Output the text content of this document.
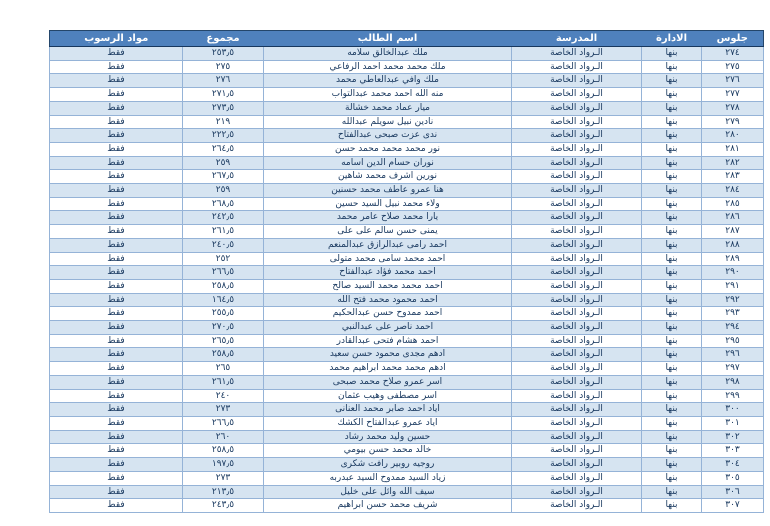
جلوس	الادارة	المدرسة	اسم الطالب	مجموع	مواد الرسوب
٢٧٤	بنها	الـرواد الخاصة	ملك عبدالخالق سلامه	٢٥٣٫٥	فقط
٢٧٥	بنها	الـرواد الخاصة	ملك محمد محمد احمد الرفاعي	٢٧٥	فقط
٢٧٦	بنها	الـرواد الخاصة	ملك وافي عبدالعاطي محمد	٢٧٦	فقط
٢٧٧	بنها	الـرواد الخاصة	منه الله احمد محمد عبدالتواب	٢٧١٫٥	فقط
٢٧٨	بنها	الـرواد الخاصة	ميار عماد محمد خشالة	٢٧٣٫٥	فقط
٢٧٩	بنها	الـرواد الخاصة	نادين نبيل سويلم عبدالله	٢١٩	فقط
٢٨٠	بنها	الـرواد الخاصة	ندى عزت صبحى عبدالفتاح	٢٢٢٫٥	فقط
٢٨١	بنها	الـرواد الخاصة	نور محمد محمد محمد حسن	٢٦٤٫٥	فقط
٢٨٢	بنها	الـرواد الخاصة	نوران حسام الدين اسامه	٢٥٩	فقط
٢٨٣	بنها	الـرواد الخاصة	نورين اشرف محمد شاهين	٢٦٧٫٥	فقط
٢٨٤	بنها	الـرواد الخاصة	هنا عمرو عاطف محمد حسنين	٢٥٩	فقط
٢٨٥	بنها	الـرواد الخاصة	ولاء محمد نبيل السيد حسين	٢٦٨٫٥	فقط
٢٨٦	بنها	الـرواد الخاصة	يارا محمد صلاح عامر محمد	٢٤٢٫٥	فقط
٢٨٧	بنها	الـرواد الخاصة	يمنى حسن سالم على على	٢٦١٫٥	فقط
٢٨٨	بنها	الـرواد الخاصة	احمد رامى عبدالرازق عبدالمنعم	٢٤٠٫٥	فقط
٢٨٩	بنها	الـرواد الخاصة	احمد محمد سامى محمد متولى	٢٥٢	فقط
٢٩٠	بنها	الـرواد الخاصة	احمد محمد فؤاد عبدالفتاح	٢٦٦٫٥	فقط
٢٩١	بنها	الـرواد الخاصة	احمد محمد محمد السيد صالح	٢٥٨٫٥	فقط
٢٩٢	بنها	الـرواد الخاصة	احمد محمود محمد فتح الله	١٦٤٫٥	فقط
٢٩٣	بنها	الـرواد الخاصة	احمد ممدوح حسن عبدالحكيم	٢٥٥٫٥	فقط
٢٩٤	بنها	الـرواد الخاصة	احمد ناصر على عبدالنبي	٢٧٠٫٥	فقط
٢٩٥	بنها	الـرواد الخاصة	احمد هشام فتحى عبدالقادر	٢٦٥٫٥	فقط
٢٩٦	بنها	الـرواد الخاصة	ادهم مجدى محمود حسن سعيد	٢٥٨٫٥	فقط
٢٩٧	بنها	الـرواد الخاصة	ادهم محمد محمد ابراهيم محمد	٢٦٥	فقط
٢٩٨	بنها	الـرواد الخاصة	اسر عمرو صلاح محمد صبحى	٢٦١٫٥	فقط
٢٩٩	بنها	الـرواد الخاصة	اسر مصطفى وهيب عثمان	٢٤٠	فقط
٣٠٠	بنها	الـرواد الخاصة	اياد احمد صابر محمد العنانى	٢٧٣	فقط
٣٠١	بنها	الـرواد الخاصة	اياد عمرو عبدالفتاح الكشك	٢٦٦٫٥	فقط
٣٠٢	بنها	الـرواد الخاصة	حسين وليد محمد رشاد	٢٦٠	فقط
٣٠٣	بنها	الـرواد الخاصة	خالد محمد حسن بيومي	٢٥٨٫٥	فقط
٣٠٤	بنها	الـرواد الخاصة	روجيه روبير رافت شكرى	١٩٧٫٥	فقط
٣٠٥	بنها	الـرواد الخاصة	زياد السيد ممدوح السيد عبدربه	٢٧٣	فقط
٣٠٦	بنها	الـرواد الخاصة	سيف الله وائل على خليل	٢١٣٫٥	فقط
٣٠٧	بنها	الـرواد الخاصة	شريف محمد حسن ابراهيم	٢٤٣٫٥	فقط
